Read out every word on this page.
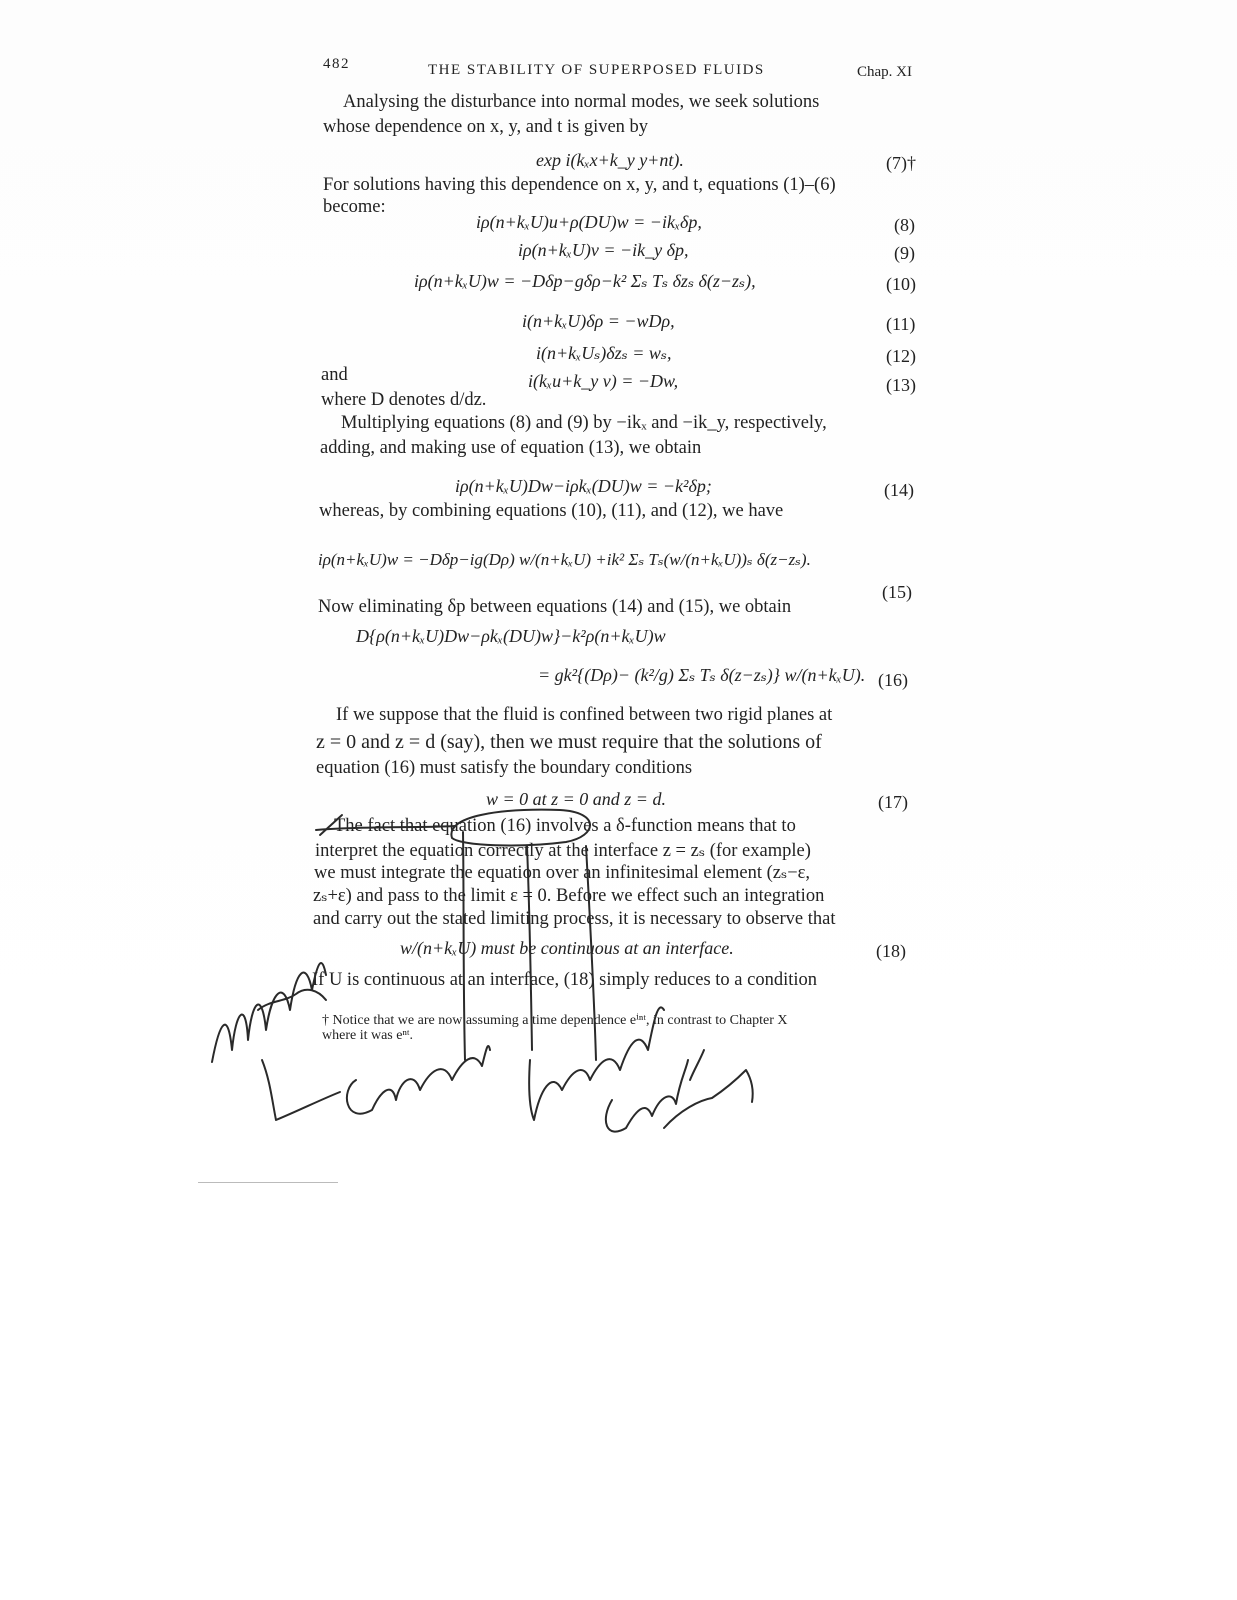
482	THE STABILITY OF SUPERPOSED FLUIDS	Chap. XI
Analysing the disturbance into normal modes, we seek solutions
whose dependence on x, y, and t is given by
exp i(kₓx+k_y y+nt).	(7)†
For solutions having this dependence on x, y, and t, equations (1)–(6)
become:
iρ(n+kₓU)u+ρ(DU)w = −ikₓδp,	(8)
iρ(n+kₓU)v = −ik_y δp,	(9)
iρ(n+kₓU)w = −Dδp−gδρ−k² Σₛ Tₛ δzₛ δ(z−zₛ),	(10)
i(n+kₓU)δρ = −wDρ,	(11)
i(n+kₓUₛ)δzₛ = wₛ,	(12)
and	i(kₓu+k_y v) = −Dw,	(13)
where D denotes d/dz.
Multiplying equations (8) and (9) by −ikₓ and −ik_y, respectively,
adding, and making use of equation (13), we obtain
iρ(n+kₓU)Dw−iρkₓ(DU)w = −k²δp;	(14)
whereas, by combining equations (10), (11), and (12), we have
iρ(n+kₓU)w = −Dδp−ig(Dρ) w/(n+kₓU) +ik² Σₛ Tₛ(w/(n+kₓU))ₛ δ(z−zₛ).
(15)
Now eliminating δp between equations (14) and (15), we obtain
D{ρ(n+kₓU)Dw−ρkₓ(DU)w}−k²ρ(n+kₓU)w
= gk²{(Dρ)− (k²/g) Σₛ Tₛ δ(z−zₛ)} w/(n+kₓU). (16)
If we suppose that the fluid is confined between two rigid planes at
z = 0 and z = d (say), then we must require that the solutions of
equation (16) must satisfy the boundary conditions
w = 0 at z = 0 and z = d.	(17)
The fact that equation (16) involves a δ-function means that to
interpret the equation correctly at the interface z = zₛ (for example)
we must integrate the equation over an infinitesimal element (zₛ−ε,
zₛ+ε) and pass to the limit ε = 0. Before we effect such an integration
and carry out the stated limiting process, it is necessary to observe that
w/(n+kₓU) must be continuous at an interface.	(18)
If U is continuous at an interface, (18) simply reduces to a condition
† Notice that we are now assuming a time dependence eⁱⁿᵗ, in contrast to Chapter X
where it was eⁿᵗ.
